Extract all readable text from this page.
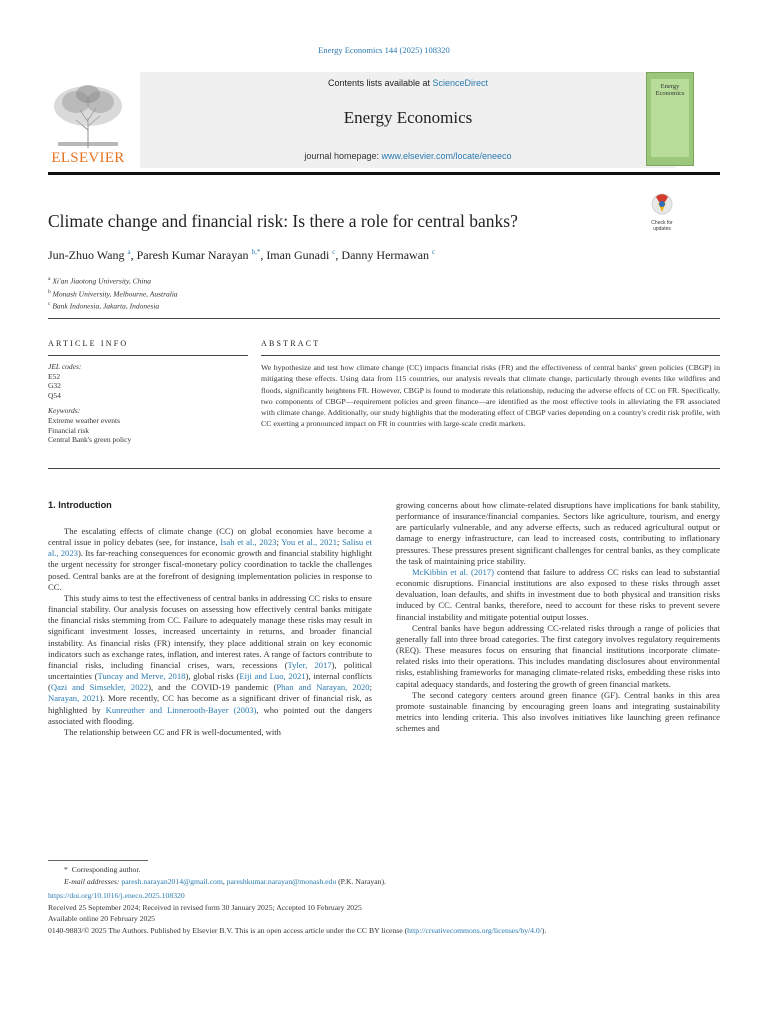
Energy Economics 144 (2025) 108320
ELSEVIER
Contents lists available at ScienceDirect
Energy Economics
journal homepage: www.elsevier.com/locate/eneeco
Energy
Economics
Climate change and financial risk: Is there a role for central banks?	Check for
updates
Jun-Zhuo Wang $^a$, Paresh Kumar Narayan $^{b,*}$, Iman Gunadi $^c$, Danny Hermawan $^c$
$^a$ Xi'an Jiaotong University, China
$^b$ Monash University, Melbourne, Australia
$^c$ Bank Indonesia, Jakarta, Indonesia
ARTICLE INFO	ABSTRACT
JEL codes:
E52
G32
Q54
Keywords:
Extreme weather events
Financial risk
Central Bank's green policy
We hypothesize and test how climate change (CC) impacts financial risks (FR) and the effectiveness of central banks' green policies (CBGP) in mitigating these effects. Using data from 115 countries, our analysis reveals that climate change, particularly through events like wildfires and floods, significantly heightens FR. However, CBGP is found to moderate this relationship, reducing the adverse effects of CC on FR. Specifically, two components of CBGP—requirement policies and green finance—are identified as the most effective tools in alleviating the FR associated with climate change. Additionally, our study highlights that the moderating effect of CBGP varies depending on a country's credit risk profile, with CC exerting a pronounced impact on FR in countries with large-scale credit markets.
1. Introduction

The escalating effects of climate change (CC) on global economies have become a central issue in policy debates (see, for instance, Isah et al., 2023; You et al., 2021; Salisu et al., 2023). Its far-reaching consequences for economic growth and financial stability highlight the urgent necessity for stronger fiscal-monetary policy coordination to tackle the challenges posed. Central banks are at the forefront of designing implementation policies in response to CC.

This study aims to test the effectiveness of central banks in addressing CC risks to ensure financial stability. Our analysis focuses on assessing how effectively central banks mitigate the financial risks stemming from CC. Failure to adequately manage these risks may result in significant investment losses, increased uncertainty in returns, and broader financial instability. As financial risks (FR) intensify, they place additional strain on key economic indicators such as exchange rates, inflation, and interest rates. A range of factors contribute to financial risks, including financial crises, wars, recessions (Tyler, 2017), political uncertainties (Tuncay and Merve, 2018), global risks (Eiji and Luo, 2021), internal conflicts (Qazi and Simsekler, 2022), and the COVID-19 pandemic (Phan and Narayan, 2020; Narayan, 2021). More recently, CC has become as a significant driver of financial risk, as highlighted by Kunreuther and Linnerooth-Bayer (2003), who pointed out the dangers associated with flooding.

The relationship between CC and FR is well-documented, with

growing concerns about how climate-related disruptions have implications for bank stability, performance of insurance/financial companies. Sectors like agriculture, tourism, and energy are particularly vulnerable, and any adverse effects, such as reduced agricultural output or damage to energy infrastructure, can lead to increased costs, contributing to inflationary pressures. These pressures present significant challenges for central banks, as they complicate the task of maintaining price stability.

McKibbin et al. (2017) contend that failure to address CC risks can lead to substantial economic disruptions. Financial institutions are also exposed to these risks through asset devaluation, loan defaults, and shifts in investment due to both physical and transition risks induced by CC. Central banks, therefore, need to account for these risks to prevent severe financial instability and mitigate potential output losses.

Central banks have begun addressing CC-related risks through a range of policies that generally fall into three broad categories. The first category involves regulatory requirements (REQ). These measures focus on ensuring that financial institutions incorporate climate-related risks into their operations. This includes mandating disclosures about environmental risks, establishing frameworks for managing climate-related risks, embedding these risks into capital adequacy standards, and fostering the growth of green financial markets.

The second category centers around green finance (GF). Central banks in this area promote sustainable financing by encouraging green loans and integrating sustainability metrics into lending criteria. This also involves initiatives like launching green refinance schemes and

* Corresponding author.
E-mail addresses: paresh.narayan2014@gmail.com, pareshkumar.narayan@monash.edu (P.K. Narayan).
https://doi.org/10.1016/j.eneco.2025.108320
Received 25 September 2024; Received in revised form 30 January 2025; Accepted 10 February 2025
Available online 20 February 2025
0140-9883/© 2025 The Authors. Published by Elsevier B.V. This is an open access article under the CC BY license (http://creativecommons.org/licenses/by/4.0/).
